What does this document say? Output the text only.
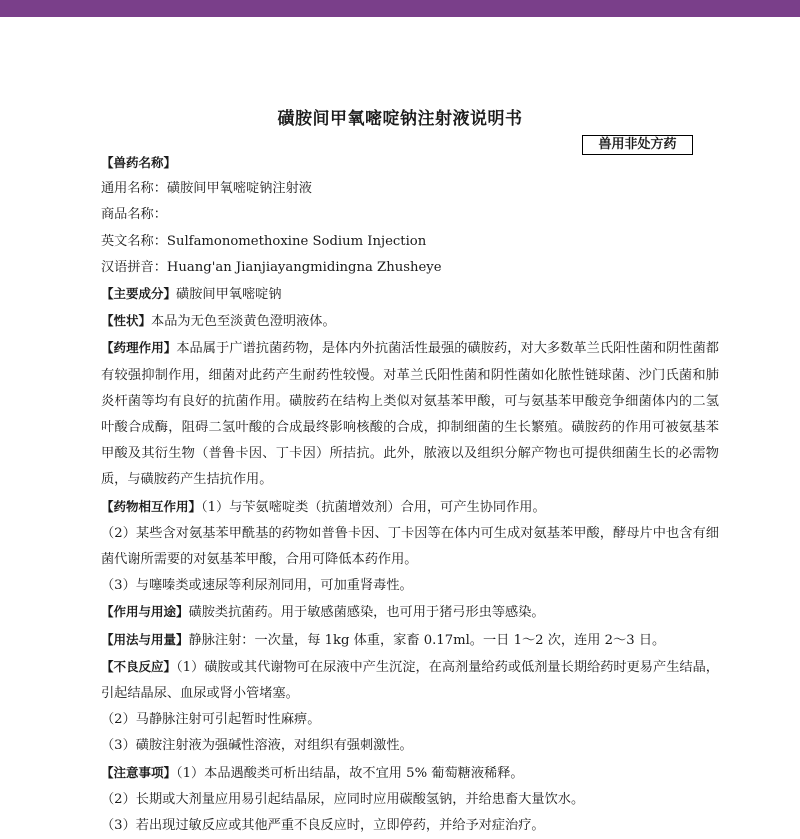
磺胺间甲氧嘧啶钠注射液说明书
兽用非处方药
【兽药名称】
通用名称：磺胺间甲氧嘧啶钠注射液
商品名称：
英文名称：Sulfamonomethoxine Sodium Injection
汉语拼音：Huang'an Jianjiayangmidingna Zhusheye
【主要成分】磺胺间甲氧嘧啶钠
【性状】本品为无色至淡黄色澄明液体。
【药理作用】本品属于广谱抗菌药物，是体内外抗菌活性最强的磺胺药，对大多数革兰氏阳性菌和阴性菌都有较强抑制作用，细菌对此药产生耐药性较慢。对革兰氏阳性菌和阴性菌如化脓性链球菌、沙门氏菌和肺炎杆菌等均有良好的抗菌作用。磺胺药在结构上类似对氨基苯甲酸，可与氨基苯甲酸竞争细菌体内的二氢叶酸合成酶，阻碍二氢叶酸的合成最终影响核酸的合成，抑制细菌的生长繁殖。磺胺药的作用可被氨基苯甲酸及其衍生物（普鲁卡因、丁卡因）所拮抗。此外，脓液以及组织分解产物也可提供细菌生长的必需物质，与磺胺药产生拮抗作用。
【药物相互作用】（1）与苄氨嘧啶类（抗菌增效剂）合用，可产生协同作用。
（2）某些含对氨基苯甲酰基的药物如普鲁卡因、丁卡因等在体内可生成对氨基苯甲酸，酵母片中也含有细菌代谢所需要的对氨基苯甲酸，合用可降低本药作用。
（3）与噻嗪类或速尿等利尿剂同用，可加重肾毒性。
【作用与用途】磺胺类抗菌药。用于敏感菌感染，也可用于猪弓形虫等感染。
【用法与用量】静脉注射：一次量，每 1kg 体重，家畜 0.17ml。一日 1～2 次，连用 2～3 日。
【不良反应】（1）磺胺或其代谢物可在尿液中产生沉淀，在高剂量给药或低剂量长期给药时更易产生结晶，引起结晶尿、血尿或肾小管堵塞。
（2）马静脉注射可引起暂时性麻痹。
（3）磺胺注射液为强碱性溶液，对组织有强刺激性。
【注意事项】（1）本品遇酸类可析出结晶，故不宜用 5% 葡萄糖液稀释。
（2）长期或大剂量应用易引起结晶尿，应同时应用碳酸氢钠，并给患畜大量饮水。
（3）若出现过敏反应或其他严重不良反应时，立即停药，并给予对症治疗。
